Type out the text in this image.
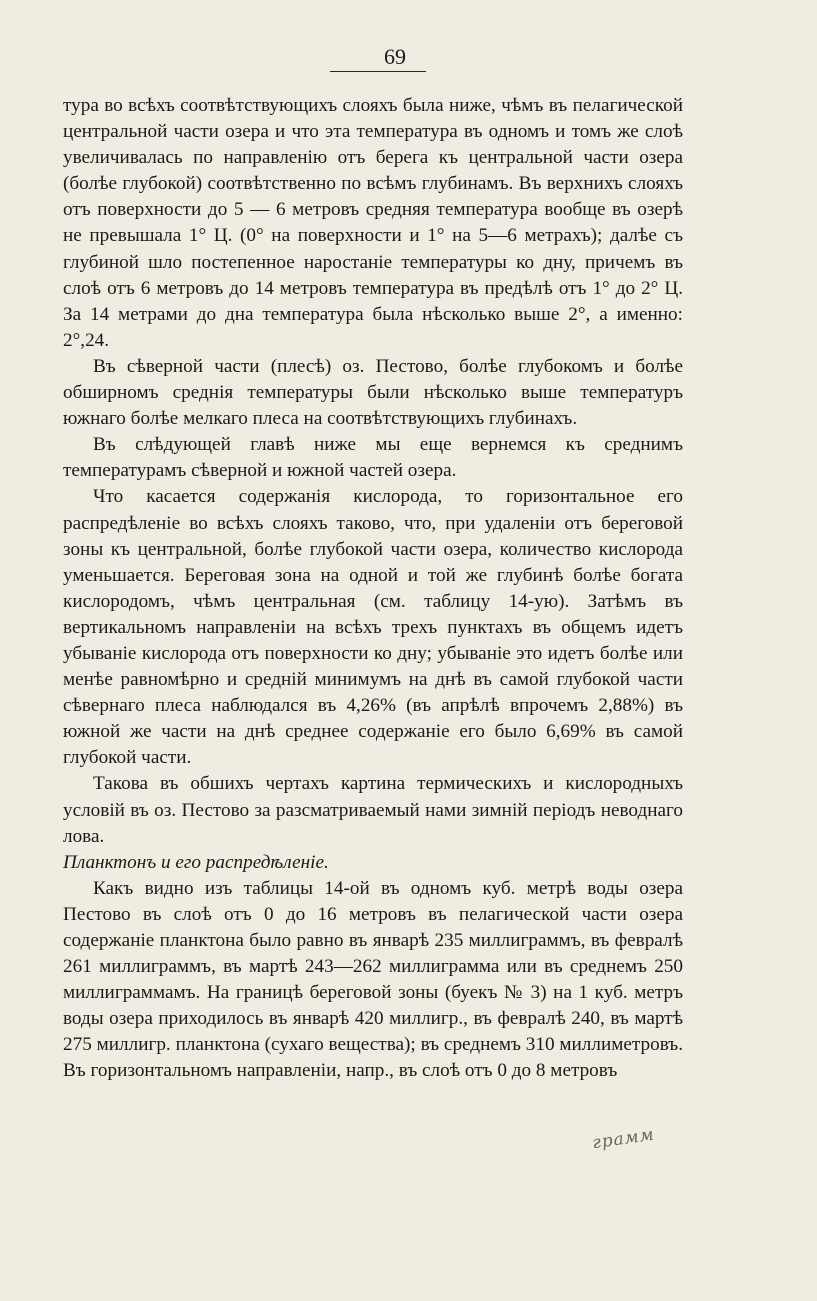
69

тура во всѣхъ соотвѣтствующихъ слояхъ была ниже, чѣмъ въ пелагической центральной части озера и что эта температура въ одномъ и томъ же слоѣ увеличивалась по направленію отъ берега къ центральной части озера (болѣе глубокой) соотвѣтственно по всѣмъ глубинамъ. Въ верхнихъ слояхъ отъ поверхности до 5 — 6 метровъ средняя температура вообще въ озерѣ не превышала 1° Ц. (0° на поверхности и 1° на 5—6 метрахъ); далѣе съ глубиной шло постепенное наростаніе температуры ко дну, причемъ въ слоѣ отъ 6 метровъ до 14 метровъ температура въ предѣлѣ отъ 1° до 2° Ц. За 14 метрами до дна температура была нѣсколько выше 2°, а именно: 2°,24.

Въ сѣверной части (плесѣ) оз. Пестово, болѣе глубокомъ и болѣе обширномъ среднія температуры были нѣсколько выше температуръ южнаго болѣе мелкаго плеса на соотвѣтствующихъ глубинахъ.

Въ слѣдующей главѣ ниже мы еще вернемся къ среднимъ температурамъ сѣверной и южной частей озера.

Что касается содержанія кислорода, то горизонтальное его распредѣленіе во всѣхъ слояхъ таково, что, при удаленіи отъ береговой зоны къ центральной, болѣе глубокой части озера, количество кислорода уменьшается. Береговая зона на одной и той же глубинѣ болѣе богата кислородомъ, чѣмъ центральная (см. таблицу 14-ую). Затѣмъ въ вертикальномъ направленіи на всѣхъ трехъ пунктахъ въ общемъ идетъ убываніе кислорода отъ поверхности ко дну; убываніе это идетъ болѣе или менѣе равномѣрно и среднiй минимумъ на днѣ въ самой глубокой части сѣвернаго плеса наблюдался въ 4,26% (въ апрѣлѣ впрочемъ 2,88%) въ южной же части на днѣ среднее содержаніе его было 6,69% въ самой глубокой части.

Такова въ обшихъ чертахъ картина термическихъ и кислородныхъ условій въ оз. Пестово за разсматриваемый нами зимнiй періодъ неводнаго лова.

Планктонъ и его распредѣленіе.

Какъ видно изъ таблицы 14-ой въ одномъ куб. метрѣ воды озера Пестово въ слоѣ отъ 0 до 16 метровъ въ пелагической части озера содержаніе планктона было равно въ январѣ 235 миллиграммъ, въ февралѣ 261 миллиграммъ, въ мартѣ 243—262 миллиграмма или въ среднемъ 250 миллиграммамъ. На границѣ береговой зоны (буекъ № 3) на 1 куб. метръ воды озера приходилось въ январѣ 420 миллигр., въ февралѣ 240, въ мартѣ 275 миллигр. планктона (сухаго вещества); въ среднемъ 310 миллиметровъ. Въ горизонтальномъ направленіи, напр., въ слоѣ отъ 0 до 8 метровъ

грамм
